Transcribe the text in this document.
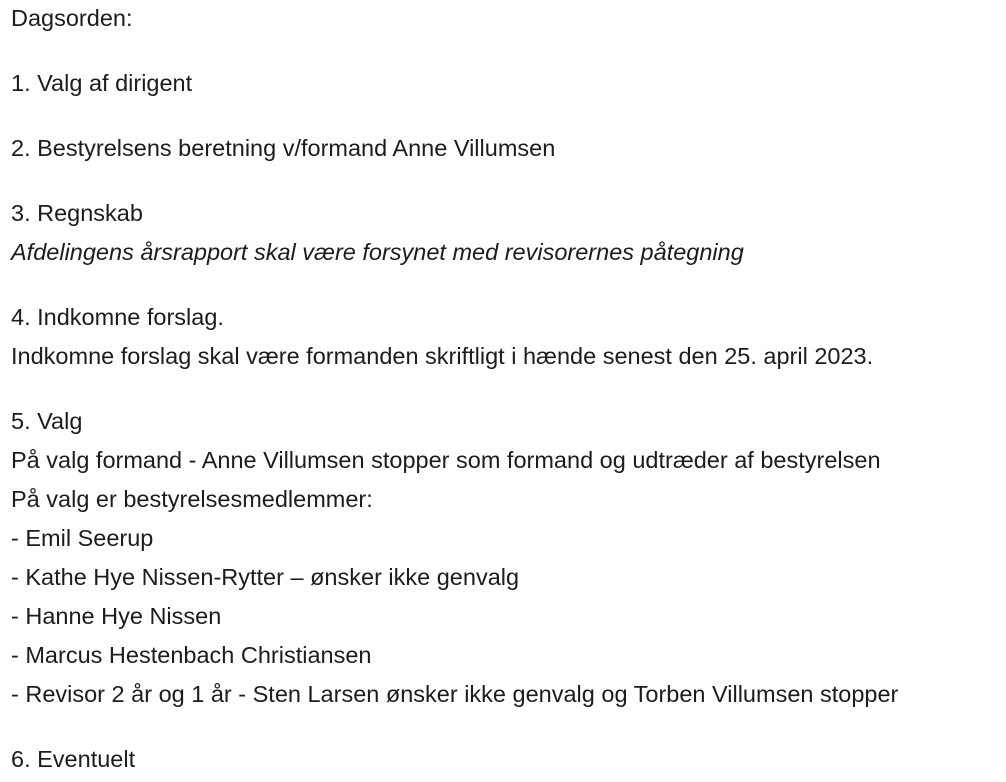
Dagsorden:
1. Valg af dirigent
2. Bestyrelsens beretning v/formand Anne Villumsen
3. Regnskab
Afdelingens årsrapport skal være forsynet med revisorernes påtegning
4. Indkomne forslag.
Indkomne forslag skal være formanden skriftligt i hænde senest den 25. april 2023.
5. Valg
På valg formand - Anne Villumsen stopper som formand og udtræder af bestyrelsen
På valg er bestyrelsesmedlemmer:
- Emil Seerup
- Kathe Hye Nissen-Rytter – ønsker ikke genvalg
- Hanne Hye Nissen
- Marcus Hestenbach Christiansen
- Revisor 2 år og 1 år - Sten Larsen ønsker ikke genvalg og Torben Villumsen stopper
6. Eventuelt
